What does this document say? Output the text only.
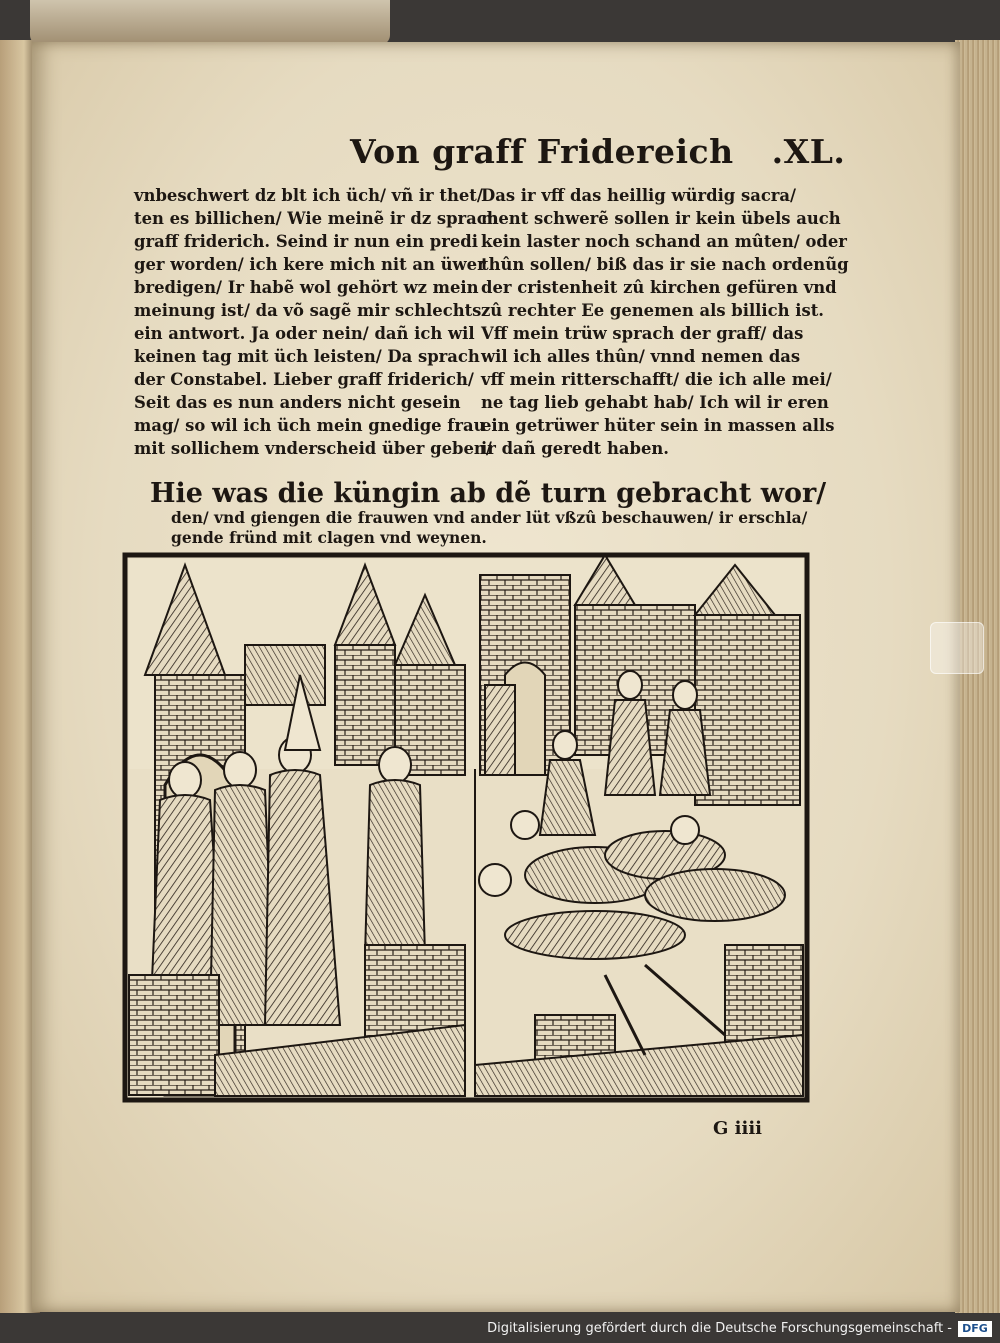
Von graff Fridereich .XL.
vnbeschwert dz blt ich üch/ vñ ir thet/
ten es billichen/ Wie meinẽ ir dz sprach
graff friderich. Seind ir nun ein predi
ger worden/ ich kere mich nit an üwer
bredigen/ Ir habẽ wol gehört wz mein
meinung ist/ da võ sagẽ mir schlechts
ein antwort. Ja oder nein/ dañ ich wil
keinen tag mit üch leisten/ Da sprach
der Constabel. Lieber graff friderich/
Seit das es nun anders nicht gesein
mag/ so wil ich üch mein gnedige frau
mit sollichem vnderscheid über geben/
Das ir vff das heillig würdig sacra/
ment schwerẽ sollen ir kein übels auch
kein laster noch schand an mûten/ oder
thûn sollen/ biß das ir sie nach ordenũg
der cristenheit zû kirchen gefüren vnd
zû rechter Ee genemen als billich ist.
Vff mein trüw sprach der graff/ das
wil ich alles thûn/ vnnd nemen das
vff mein ritterschafft/ die ich alle mei/
ne tag lieb gehabt hab/ Ich wil ir eren
ein getrüwer hüter sein in massen alls
ir dañ geredt haben.
Hie was die küngin ab dẽ turn gebracht wor/
den/ vnd giengen die frauwen vnd ander lüt vßzû beschauwen/ ir erschla/
gende fründ mit clagen vnd weynen.
G iiii
Digitalisierung gefördert durch die Deutsche Forschungsgemeinschaft - DFG
